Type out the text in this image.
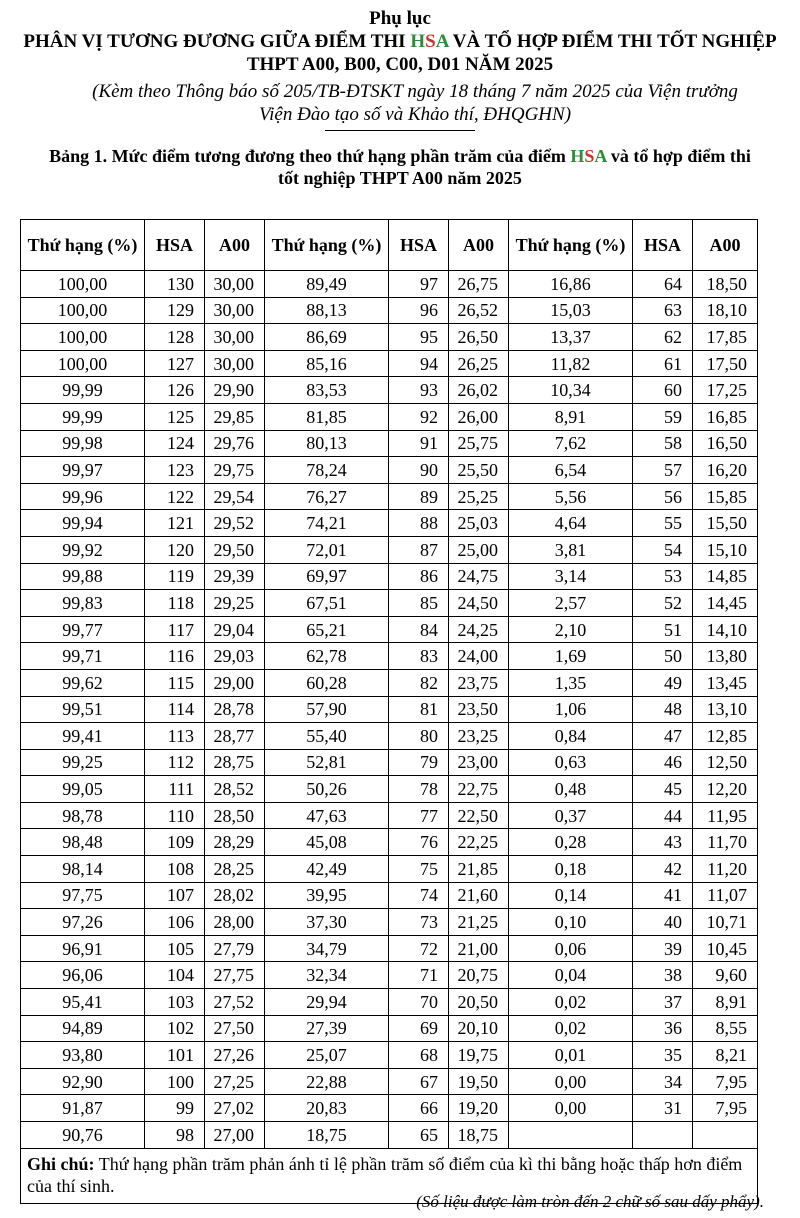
Phụ lục
PHÂN VỊ TƯƠNG ĐƯƠNG GIỮA ĐIỂM THI HSA VÀ TỔ HỢP ĐIỂM THI TỐT NGHIỆP THPT A00, B00, C00, D01 NĂM 2025
(Kèm theo Thông báo số 205/TB-ĐTSKT ngày 18 tháng 7 năm 2025 của Viện trưởng Viện Đào tạo số và Khảo thí, ĐHQGHN)
Bảng 1. Mức điểm tương đương theo thứ hạng phần trăm của điểm HSA và tổ hợp điểm thi tốt nghiệp THPT A00 năm 2025
Thứ hạng (%)	HSA	A00	Thứ hạng (%)	HSA	A00	Thứ hạng (%)	HSA	A00
100,00	130	30,00	89,49	97	26,75	16,86	64	18,50
100,00	129	30,00	88,13	96	26,52	15,03	63	18,10
100,00	128	30,00	86,69	95	26,50	13,37	62	17,85
100,00	127	30,00	85,16	94	26,25	11,82	61	17,50
99,99	126	29,90	83,53	93	26,02	10,34	60	17,25
99,99	125	29,85	81,85	92	26,00	8,91	59	16,85
99,98	124	29,76	80,13	91	25,75	7,62	58	16,50
99,97	123	29,75	78,24	90	25,50	6,54	57	16,20
99,96	122	29,54	76,27	89	25,25	5,56	56	15,85
99,94	121	29,52	74,21	88	25,03	4,64	55	15,50
99,92	120	29,50	72,01	87	25,00	3,81	54	15,10
99,88	119	29,39	69,97	86	24,75	3,14	53	14,85
99,83	118	29,25	67,51	85	24,50	2,57	52	14,45
99,77	117	29,04	65,21	84	24,25	2,10	51	14,10
99,71	116	29,03	62,78	83	24,00	1,69	50	13,80
99,62	115	29,00	60,28	82	23,75	1,35	49	13,45
99,51	114	28,78	57,90	81	23,50	1,06	48	13,10
99,41	113	28,77	55,40	80	23,25	0,84	47	12,85
99,25	112	28,75	52,81	79	23,00	0,63	46	12,50
99,05	111	28,52	50,26	78	22,75	0,48	45	12,20
98,78	110	28,50	47,63	77	22,50	0,37	44	11,95
98,48	109	28,29	45,08	76	22,25	0,28	43	11,70
98,14	108	28,25	42,49	75	21,85	0,18	42	11,20
97,75	107	28,02	39,95	74	21,60	0,14	41	11,07
97,26	106	28,00	37,30	73	21,25	0,10	40	10,71
96,91	105	27,79	34,79	72	21,00	0,06	39	10,45
96,06	104	27,75	32,34	71	20,75	0,04	38	9,60
95,41	103	27,52	29,94	70	20,50	0,02	37	8,91
94,89	102	27,50	27,39	69	20,10	0,02	36	8,55
93,80	101	27,26	25,07	68	19,75	0,01	35	8,21
92,90	100	27,25	22,88	67	19,50	0,00	34	7,95
91,87	99	27,02	20,83	66	19,20	0,00	31	7,95
90,76	98	27,00	18,75	65	18,75			
Ghi chú: Thứ hạng phần trăm phản ánh tỉ lệ phần trăm số điểm của kì thi bằng hoặc thấp hơn điểm của thí sinh.								
(Số liệu được làm tròn đến 2 chữ số sau dấy phẩy).
